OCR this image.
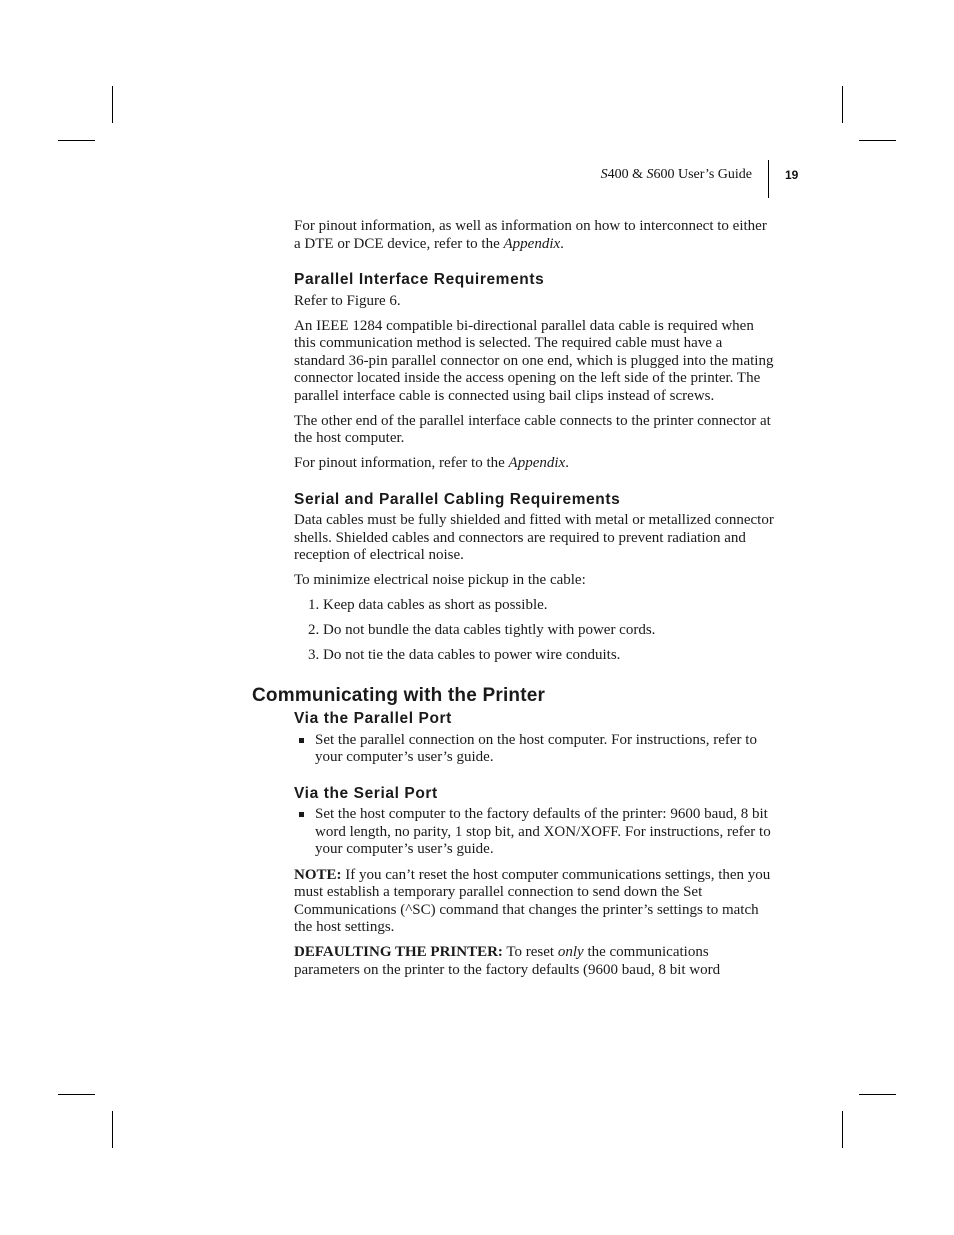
S400 & S600 User’s Guide	19

For pinout information, as well as information on how to interconnect to either a DTE or DCE device, refer to the Appendix.

Parallel Interface Requirements

Refer to Figure 6.

An IEEE 1284 compatible bi-directional parallel data cable is required when this communication method is selected. The required cable must have a standard 36-pin parallel connector on one end, which is plugged into the mating connector located inside the access opening on the left side of the printer. The parallel interface cable is connected using bail clips instead of screws.

The other end of the parallel interface cable connects to the printer connector at the host computer.

For pinout information, refer to the Appendix.

Serial and Parallel Cabling Requirements

Data cables must be fully shielded and fitted with metal or metallized connector shells. Shielded cables and connectors are required to prevent radiation and reception of electrical noise.

To minimize electrical noise pickup in the cable:

1. Keep data cables as short as possible.
2. Do not bundle the data cables tightly with power cords.
3. Do not tie the data cables to power wire conduits.
Communicating with the Printer
Via the Parallel Port
Set the parallel connection on the host computer. For instructions, refer to your computer’s user’s guide.
Via the Serial Port
Set the host computer to the factory defaults of the printer: 9600 baud, 8 bit word length, no parity, 1 stop bit, and XON/XOFF. For instructions, refer to your computer’s user’s guide.

NOTE: If you can’t reset the host computer communications settings, then you must establish a temporary parallel connection to send down the Set Communications (^SC) command that changes the printer’s settings to match the host settings.

DEFAULTING THE PRINTER: To reset only the communications parameters on the printer to the factory defaults (9600 baud, 8 bit word
